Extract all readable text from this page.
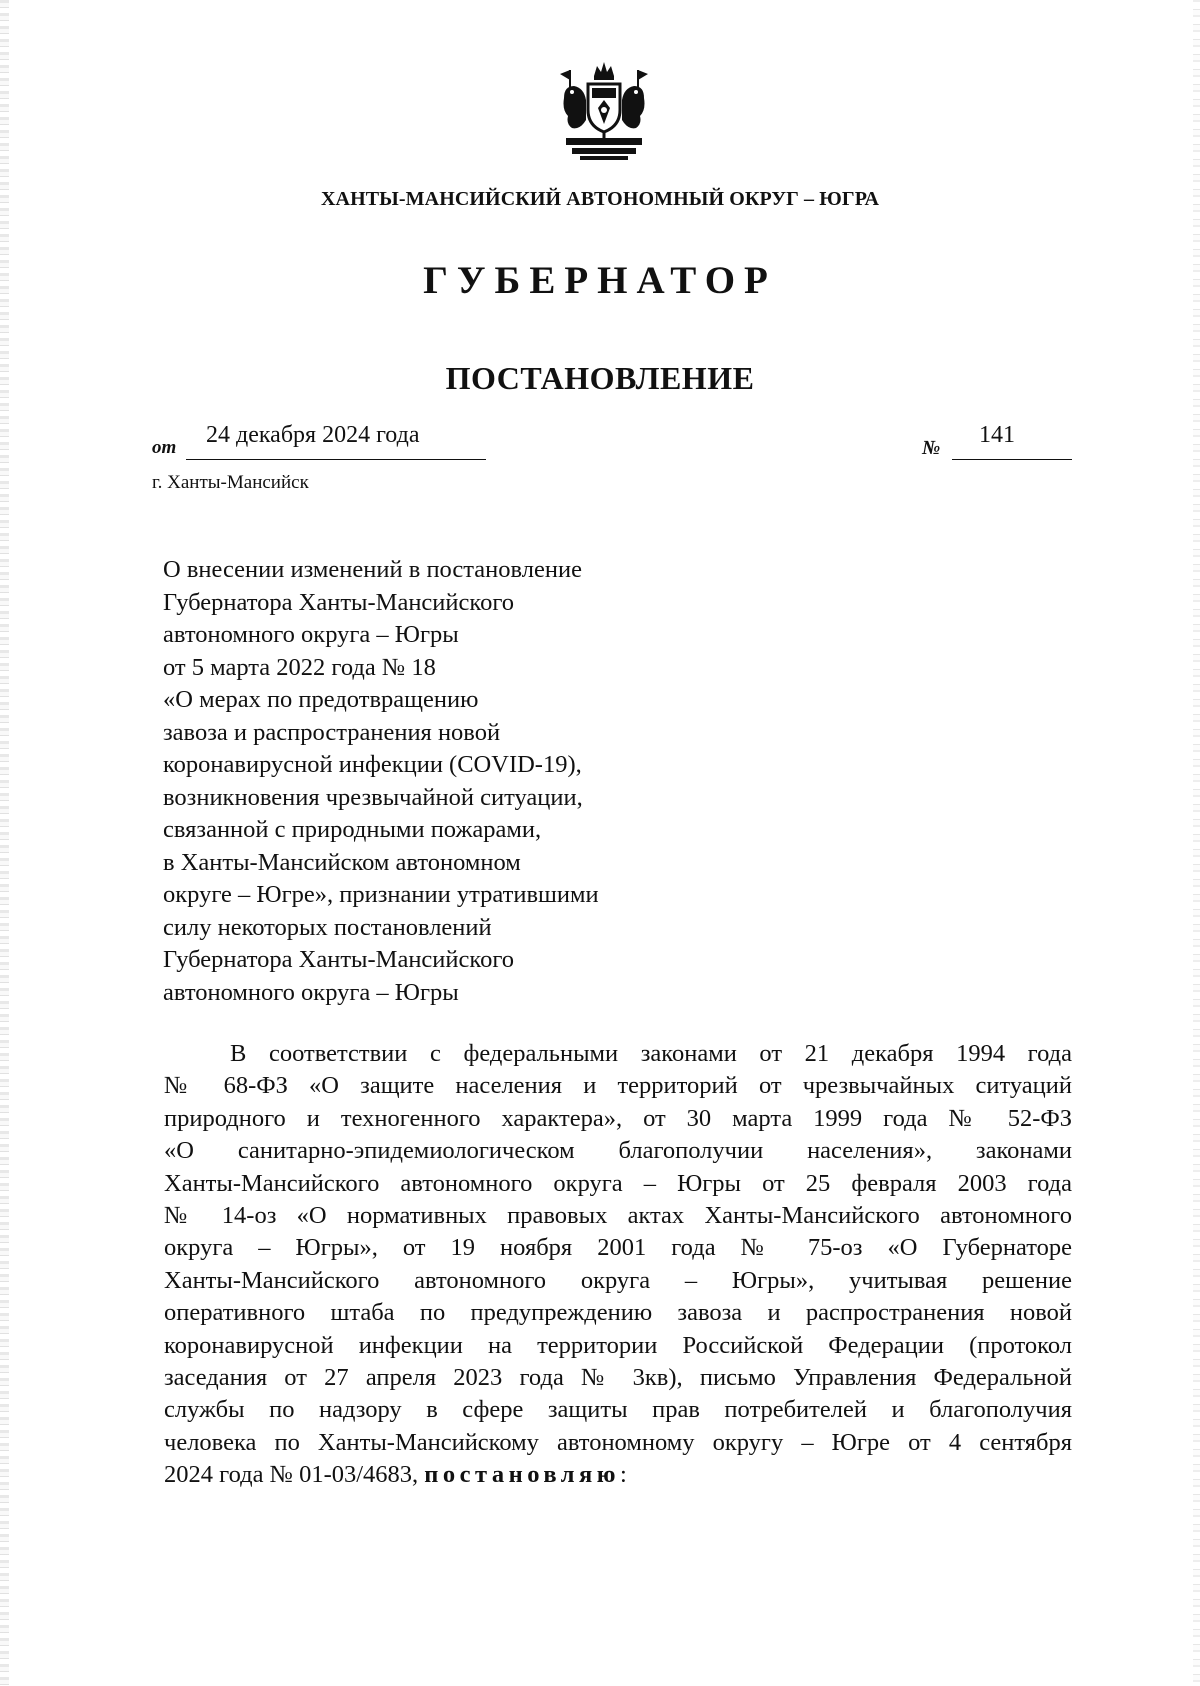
ХАНТЫ-МАНСИЙСКИЙ АВТОНОМНЫЙ ОКРУГ – ЮГРА
ГУБЕРНАТОР
ПОСТАНОВЛЕНИЕ
от 24 декабря 2024 года	№ 141
г. Ханты-Мансийск
О внесении изменений в постановление
Губернатора Ханты-Мансийского
автономного округа – Югры
от 5 марта 2022 года № 18
«О мерах по предотвращению
завоза и распространения новой
коронавирусной инфекции (COVID-19),
возникновения чрезвычайной ситуации,
связанной с природными пожарами,
в Ханты-Мансийском автономном
округе – Югре», признании утратившими
силу некоторых постановлений
Губернатора Ханты-Мансийского
автономного округа – Югры
В соответствии с федеральными законами от 21 декабря 1994 года
№ 68-ФЗ «О защите населения и территорий от чрезвычайных ситуаций
природного и техногенного характера», от 30 марта 1999 года № 52-ФЗ
«О санитарно-эпидемиологическом благополучии населения», законами
Ханты-Мансийского автономного округа – Югры от 25 февраля 2003 года
№ 14-оз «О нормативных правовых актах Ханты-Мансийского автономного
округа – Югры», от 19 ноября 2001 года № 75-оз «О Губернаторе
Ханты-Мансийского автономного округа – Югры», учитывая решение
оперативного штаба по предупреждению завоза и распространения новой
коронавирусной инфекции на территории Российской Федерации (протокол
заседания от 27 апреля 2023 года № 3кв), письмо Управления Федеральной
службы по надзору в сфере защиты прав потребителей и благополучия
человека по Ханты-Мансийскому автономному округу – Югре от 4 сентября
2024 года № 01-03/4683, постановляю:
